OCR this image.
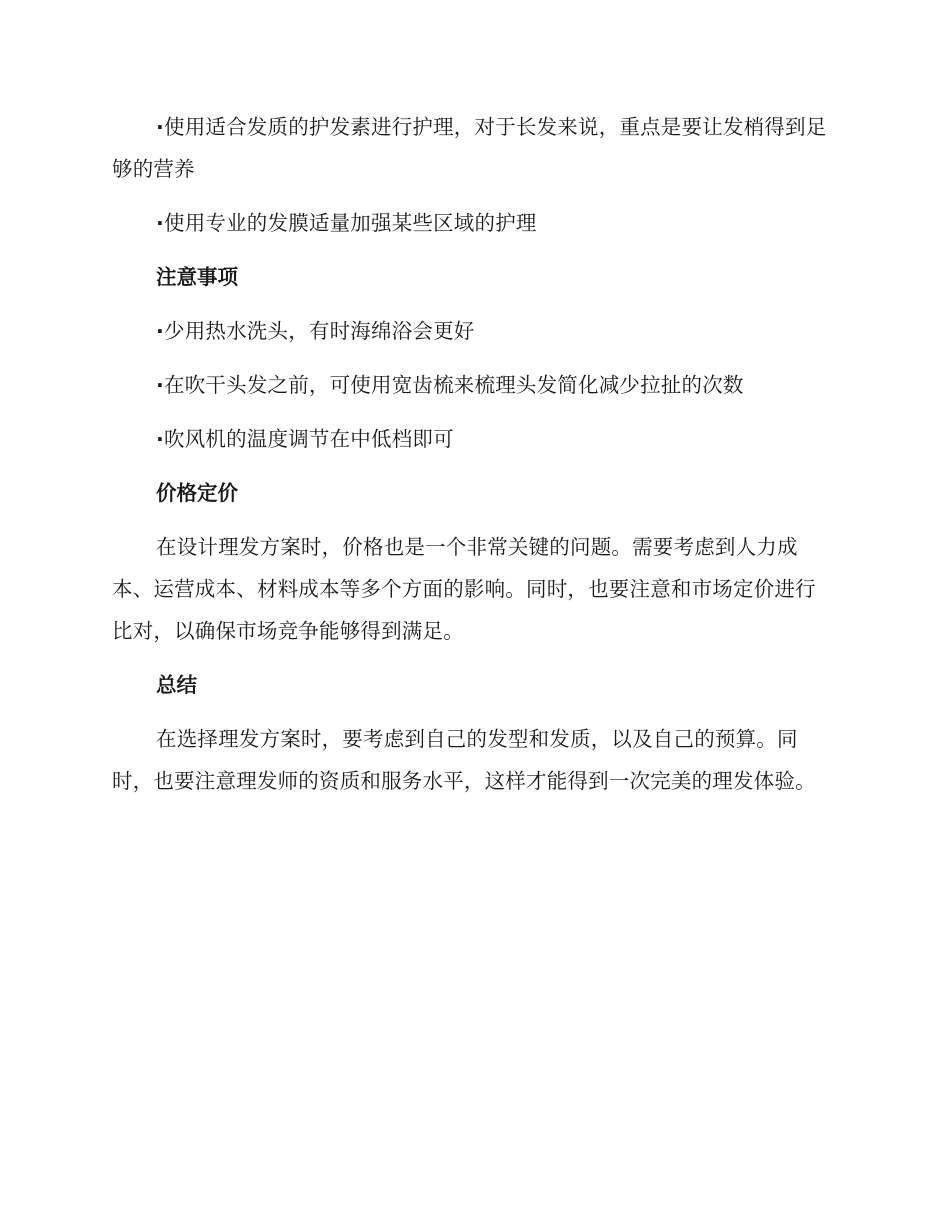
·使用适合发质的护发素进行护理，对于长发来说，重点是要让发梢得到足够的营养

·使用专业的发膜适量加强某些区域的护理

注意事项

·少用热水洗头，有时海绵浴会更好

·在吹干头发之前，可使用宽齿梳来梳理头发简化减少拉扯的次数

·吹风机的温度调节在中低档即可

价格定价

在设计理发方案时，价格也是一个非常关键的问题。需要考虑到人力成本、运营成本、材料成本等多个方面的影响。同时，也要注意和市场定价进行比对，以确保市场竞争能够得到满足。

总结

在选择理发方案时，要考虑到自己的发型和发质，以及自己的预算。同时，也要注意理发师的资质和服务水平，这样才能得到一次完美的理发体验。
